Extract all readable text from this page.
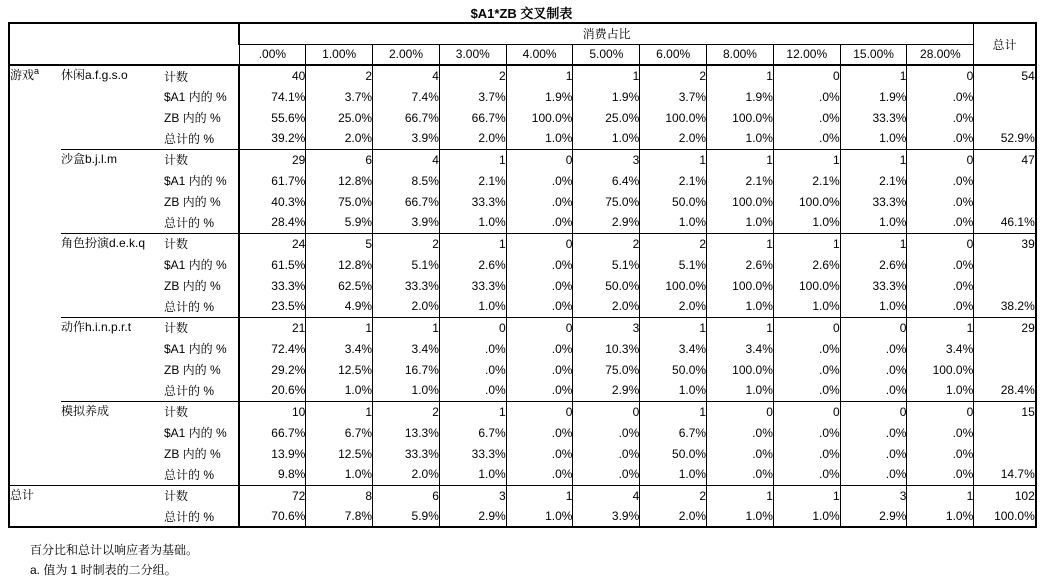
$A1*ZB 交叉制表
			消费占比											总计
			.00%	1.00%	2.00%	3.00%	4.00%	5.00%	6.00%	8.00%	12.00%	15.00%	28.00%	
游戏$^a$	休闲a.f.g.s.o	计数	40	2	4	2	1	1	2	1	0	1	0	54
		$A1 内的 %	74.1%	3.7%	7.4%	3.7%	1.9%	1.9%	3.7%	1.9%	.0%	1.9%	.0%	
		ZB 内的 %	55.6%	25.0%	66.7%	66.7%	100.0%	25.0%	100.0%	100.0%	.0%	33.3%	.0%	
		总计的 %	39.2%	2.0%	3.9%	2.0%	1.0%	1.0%	2.0%	1.0%	.0%	1.0%	.0%	52.9%
	沙盒b.j.l.m	计数	29	6	4	1	0	3	1	1	1	1	0	47
		$A1 内的 %	61.7%	12.8%	8.5%	2.1%	.0%	6.4%	2.1%	2.1%	2.1%	2.1%	.0%	
		ZB 内的 %	40.3%	75.0%	66.7%	33.3%	.0%	75.0%	50.0%	100.0%	100.0%	33.3%	.0%	
		总计的 %	28.4%	5.9%	3.9%	1.0%	.0%	2.9%	1.0%	1.0%	1.0%	1.0%	.0%	46.1%
	角色扮演d.e.k.q	计数	24	5	2	1	0	2	2	1	1	1	0	39
		$A1 内的 %	61.5%	12.8%	5.1%	2.6%	.0%	5.1%	5.1%	2.6%	2.6%	2.6%	.0%	
		ZB 内的 %	33.3%	62.5%	33.3%	33.3%	.0%	50.0%	100.0%	100.0%	100.0%	33.3%	.0%	
		总计的 %	23.5%	4.9%	2.0%	1.0%	.0%	2.0%	2.0%	1.0%	1.0%	1.0%	.0%	38.2%
	动作h.i.n.p.r.t	计数	21	1	1	0	0	3	1	1	0	0	1	29
		$A1 内的 %	72.4%	3.4%	3.4%	.0%	.0%	10.3%	3.4%	3.4%	.0%	.0%	3.4%	
		ZB 内的 %	29.2%	12.5%	16.7%	.0%	.0%	75.0%	50.0%	100.0%	.0%	.0%	100.0%	
		总计的 %	20.6%	1.0%	1.0%	.0%	.0%	2.9%	1.0%	1.0%	.0%	.0%	1.0%	28.4%
	模拟养成	计数	10	1	2	1	0	0	1	0	0	0	0	15
		$A1 内的 %	66.7%	6.7%	13.3%	6.7%	.0%	.0%	6.7%	.0%	.0%	.0%	.0%	
		ZB 内的 %	13.9%	12.5%	33.3%	33.3%	.0%	.0%	50.0%	.0%	.0%	.0%	.0%	
		总计的 %	9.8%	1.0%	2.0%	1.0%	.0%	.0%	1.0%	.0%	.0%	.0%	.0%	14.7%
总计		计数	72	8	6	3	1	4	2	1	1	3	1	102
		总计的 %	70.6%	7.8%	5.9%	2.9%	1.0%	3.9%	2.0%	1.0%	1.0%	2.9%	1.0%	100.0%
百分比和总计以响应者为基础。
a. 值为 1 时制表的二分组。
